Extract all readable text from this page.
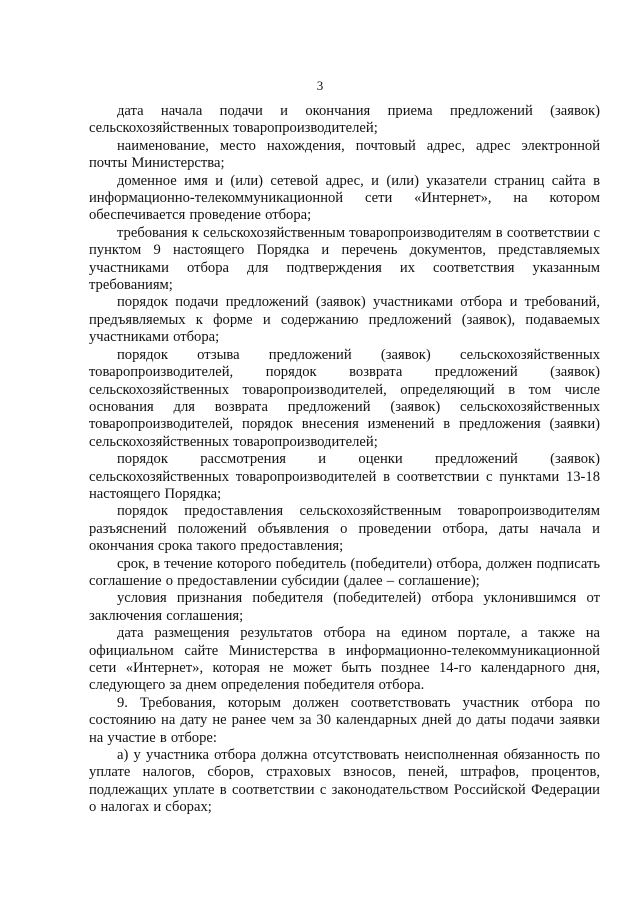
3

дата начала подачи и окончания приема предложений (заявок) сельскохозяйственных товаропроизводителей;

наименование, место нахождения, почтовый адрес, адрес электронной почты Министерства;

доменное имя и (или) сетевой адрес, и (или) указатели страниц сайта в информационно-телекоммуникационной сети «Интернет», на котором обеспечивается проведение отбора;

требования к сельскохозяйственным товаропроизводителям в соответствии с пунктом 9 настоящего Порядка и перечень документов, представляемых участниками отбора для подтверждения их соответствия указанным требованиям;

порядок подачи предложений (заявок) участниками отбора и требований, предъявляемых к форме и содержанию предложений (заявок), подаваемых участниками отбора;

порядок отзыва предложений (заявок) сельскохозяйственных товаропроизводителей, порядок возврата предложений (заявок) сельскохозяйственных товаропроизводителей, определяющий в том числе основания для возврата предложений (заявок) сельскохозяйственных товаропроизводителей, порядок внесения изменений в предложения (заявки) сельскохозяйственных товаропроизводителей;

порядок рассмотрения и оценки предложений (заявок) сельскохозяйственных товаропроизводителей в соответствии с пунктами 13-18 настоящего Порядка;

порядок предоставления сельскохозяйственным товаропроизводителям разъяснений положений объявления о проведении отбора, даты начала и окончания срока такого предоставления;

срок, в течение которого победитель (победители) отбора, должен подписать соглашение о предоставлении субсидии (далее – соглашение);

условия признания победителя (победителей) отбора уклонившимся от заключения соглашения;

дата размещения результатов отбора на едином портале, а также на официальном сайте Министерства в информационно-телекоммуникационной сети «Интернет», которая не может быть позднее 14-го календарного дня, следующего за днем определения победителя отбора.

9. Требования, которым должен соответствовать участник отбора по состоянию на дату не ранее чем за 30 календарных дней до даты подачи заявки на участие в отборе:

а) у участника отбора должна отсутствовать неисполненная обязанность по уплате налогов, сборов, страховых взносов, пеней, штрафов, процентов, подлежащих уплате в соответствии с законодательством Российской Федерации о налогах и сборах;
